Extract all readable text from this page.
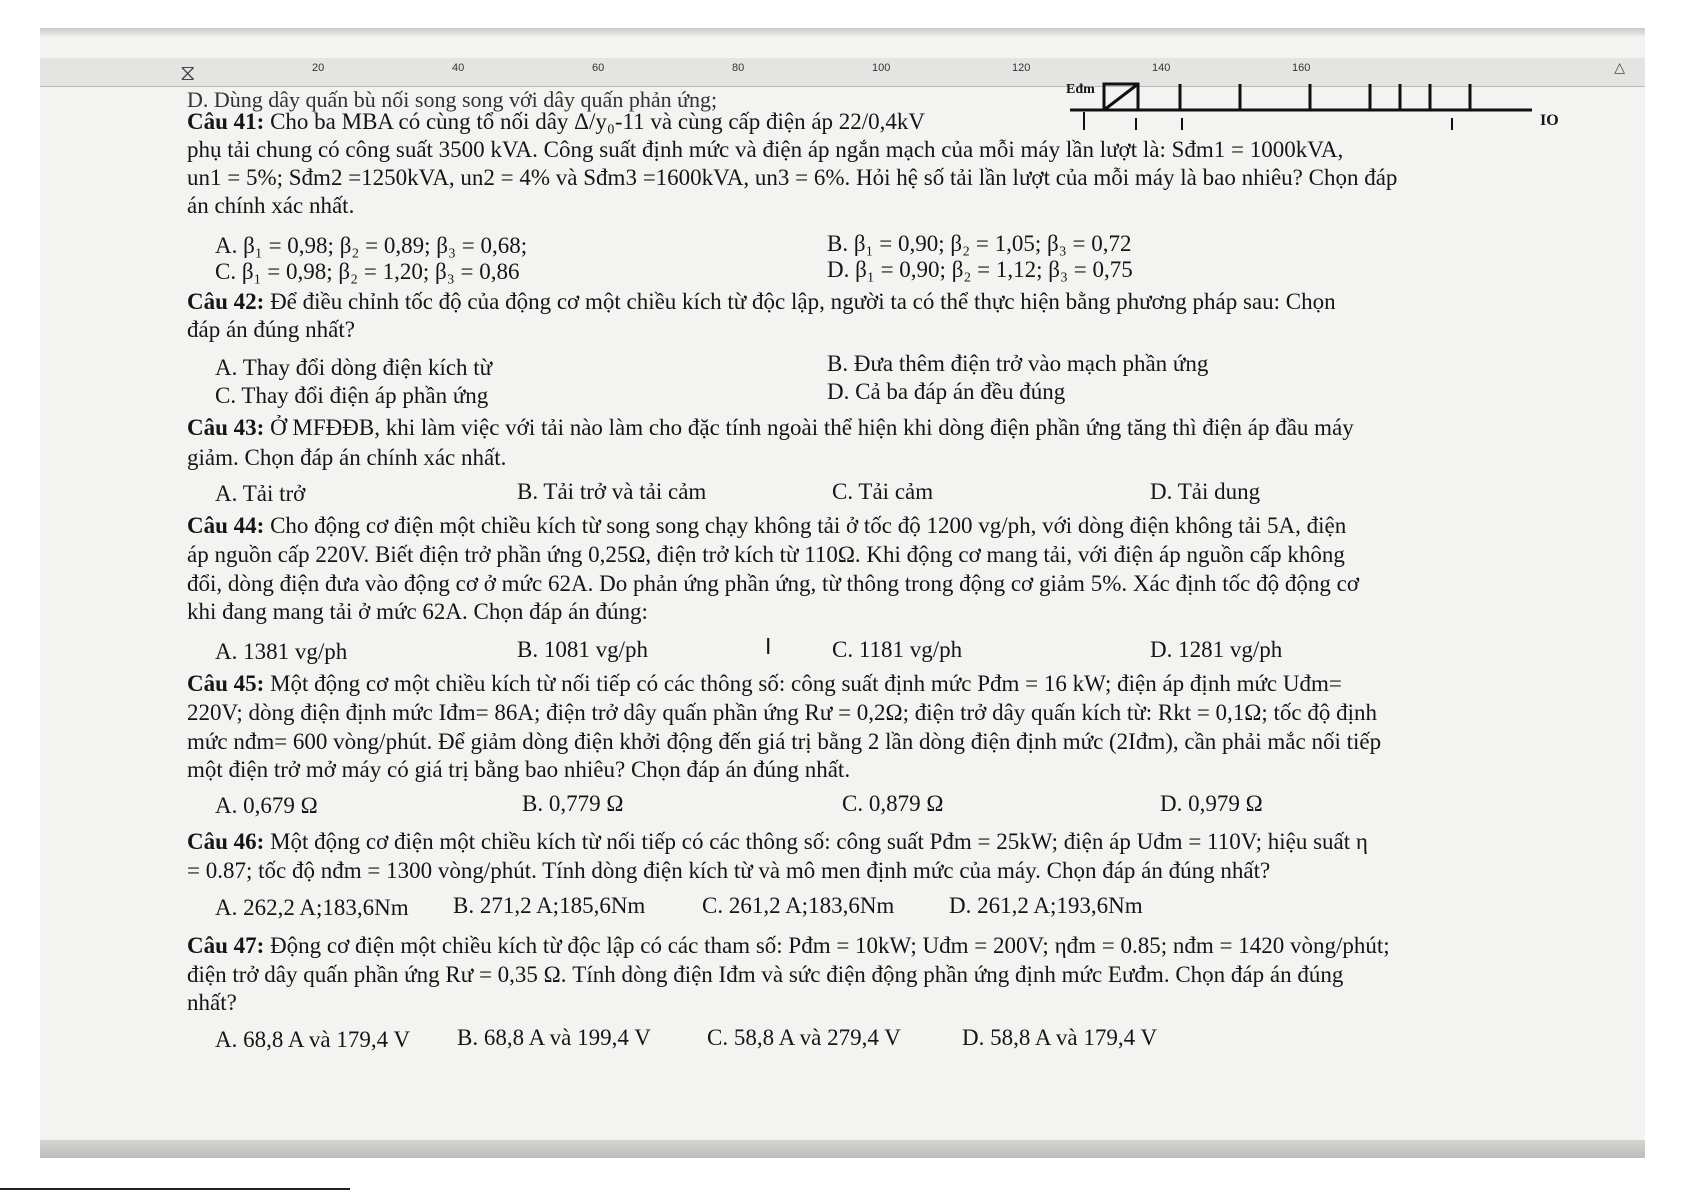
⧖	20	40	60	80	100	120	140	160	△
Eđm
IO
D. Dùng dây quấn bù nối song song với dây quấn phản ứng;
Câu 41: Cho ba MBA có cùng tổ nối dây Δ/y₀-11 và cùng cấp điện áp 22/0,4kV
phụ tải chung có công suất 3500 kVA. Công suất định mức và điện áp ngắn mạch của mỗi máy lần lượt là: Sđm1 = 1000kVA,
un1 = 5%; Sđm2 =1250kVA, un2 = 4% và Sđm3 =1600kVA, un3 = 6%. Hỏi hệ số tải lần lượt của mỗi máy là bao nhiêu? Chọn đáp
án chính xác nhất.
A. β₁ = 0,98; β₂ = 0,89; β₃ = 0,68;	B. β₁ = 0,90; β₂ = 1,05; β₃ = 0,72
C. β₁ = 0,98; β₂ = 1,20; β₃ = 0,86	D. β₁ = 0,90; β₂ = 1,12; β₃ = 0,75
Câu 42: Để điều chỉnh tốc độ của động cơ một chiều kích từ độc lập, người ta có thể thực hiện bằng phương pháp sau: Chọn
đáp án đúng nhất?
A. Thay đổi dòng điện kích từ	B. Đưa thêm điện trở vào mạch phần ứng
C. Thay đổi điện áp phần ứng	D. Cả ba đáp án đều đúng
Câu 43: Ở MFĐĐB, khi làm việc với tải nào làm cho đặc tính ngoài thể hiện khi dòng điện phần ứng tăng thì điện áp đầu máy
giảm. Chọn đáp án chính xác nhất.
A. Tải trở	B. Tải trở và tải cảm	C. Tải cảm	D. Tải dung
Câu 44: Cho động cơ điện một chiều kích từ song song chạy không tải ở tốc độ 1200 vg/ph, với dòng điện không tải 5A, điện
áp nguồn cấp 220V. Biết điện trở phần ứng 0,25Ω, điện trở kích từ 110Ω. Khi động cơ mang tải, với điện áp nguồn cấp không
đổi, dòng điện đưa vào động cơ ở mức 62A. Do phản ứng phần ứng, từ thông trong động cơ giảm 5%. Xác định tốc độ động cơ
khi đang mang tải ở mức 62A. Chọn đáp án đúng:
A. 1381 vg/ph	B. 1081 vg/ph	I	C. 1181 vg/ph	D. 1281 vg/ph
Câu 45: Một động cơ một chiều kích từ nối tiếp có các thông số: công suất định mức Pđm = 16 kW; điện áp định mức Uđm=
220V; dòng điện định mức Iđm= 86A; điện trở dây quấn phần ứng Rư = 0,2Ω; điện trở dây quấn kích từ: Rkt = 0,1Ω; tốc độ định
mức nđm= 600 vòng/phút. Để giảm dòng điện khởi động đến giá trị bằng 2 lần dòng điện định mức (2Iđm), cần phải mắc nối tiếp
một điện trở mở máy có giá trị bằng bao nhiêu? Chọn đáp án đúng nhất.
A. 0,679 Ω	B. 0,779 Ω	C. 0,879 Ω	D. 0,979 Ω
Câu 46: Một động cơ điện một chiều kích từ nối tiếp có các thông số: công suất Pđm = 25kW; điện áp Uđm = 110V; hiệu suất η
= 0.87; tốc độ nđm = 1300 vòng/phút. Tính dòng điện kích từ và mô men định mức của máy. Chọn đáp án đúng nhất?
A. 262,2 A;183,6Nm B. 271,2 A;185,6Nm C. 261,2 A;183,6Nm D. 261,2 A;193,6Nm
Câu 47: Động cơ điện một chiều kích từ độc lập có các tham số: Pđm = 10kW; Uđm = 200V; ηđm = 0.85; nđm = 1420 vòng/phút;
điện trở dây quấn phần ứng Rư = 0,35 Ω. Tính dòng điện Iđm và sức điện động phần ứng định mức Eưđm. Chọn đáp án đúng
nhất?
A. 68,8 A và 179,4 V B. 68,8 A và 199,4 V C. 58,8 A và 279,4 V	D. 58,8 A và 179,4 V
